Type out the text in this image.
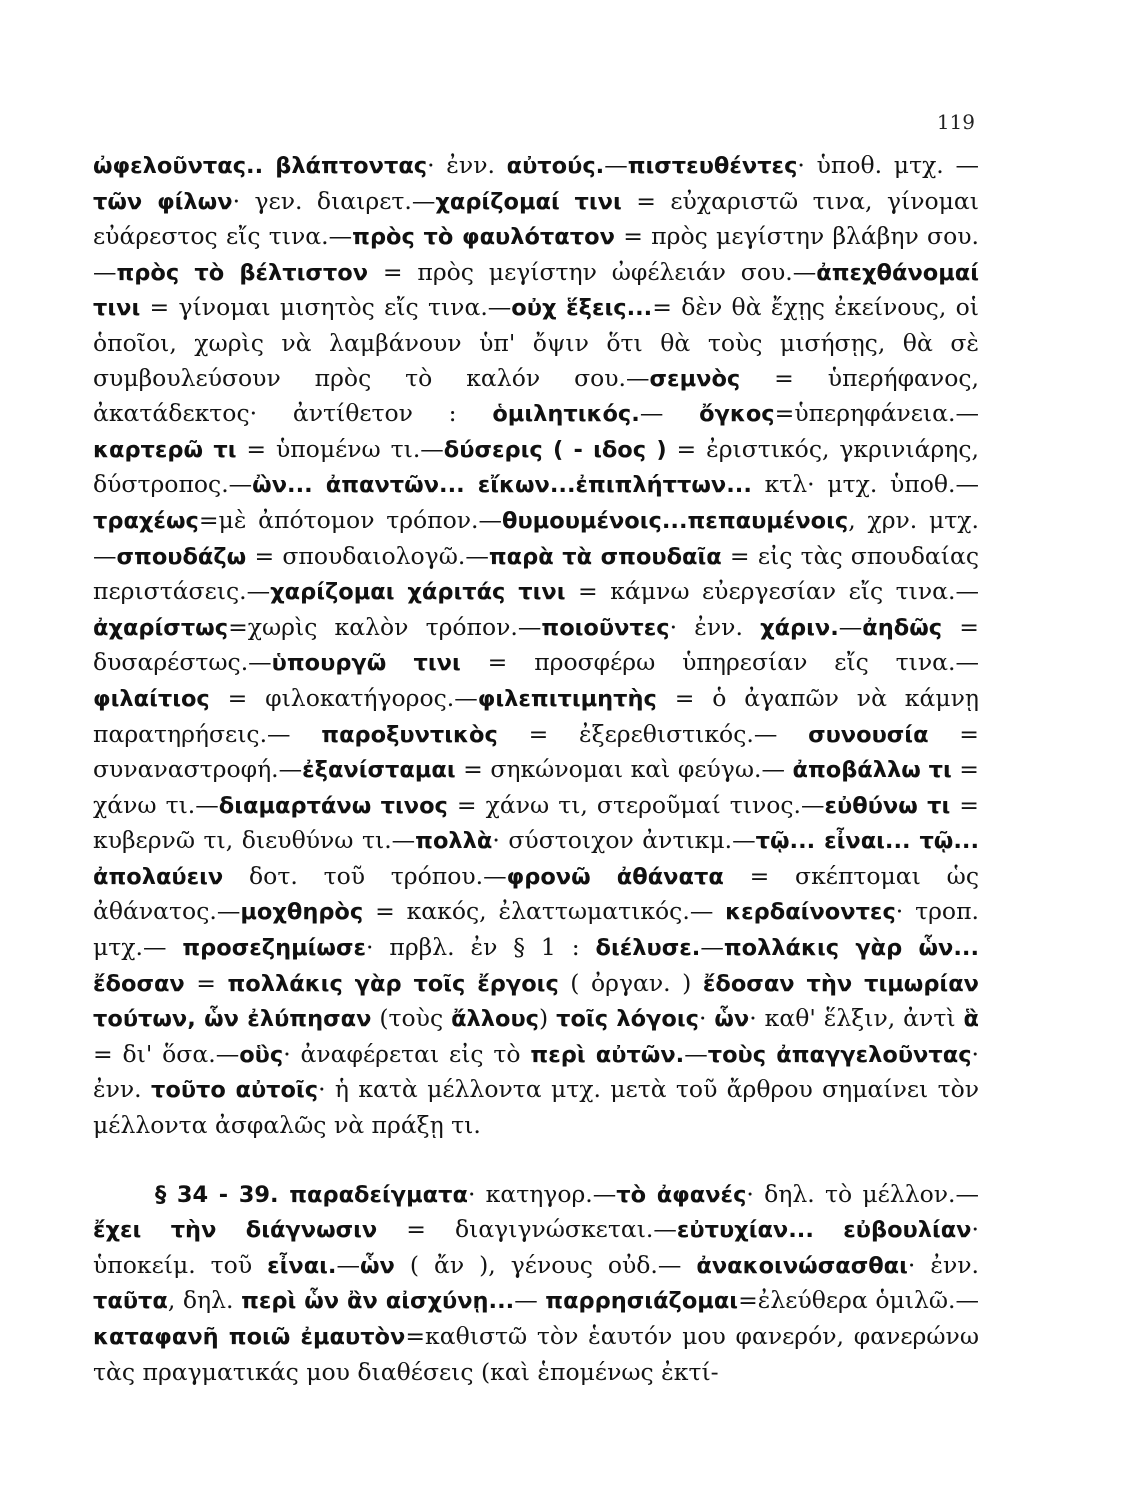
119

ὠφελοῦντας.. βλάπτοντας· ἐνν. αὐτούς.—πιστευθέντες· ὑποθ. μτχ. —τῶν φίλων· γεν. διαιρετ.—χαρίζομαί τινι = εὐχαριστῶ τινα, γίνομαι εὐάρεστος εἴς τινα.—πρὸς τὸ φαυλότατον = πρὸς μεγίστην βλάβην σου.—πρὸς τὸ βέλτιστον = πρὸς μεγίστην ὠφέλειάν σου.—ἀπεχθάνομαί τινι = γίνομαι μισητὸς εἴς τινα.—οὐχ ἕξεις...= δὲν θὰ ἔχῃς ἐκείνους, οἱ ὁποῖοι, χωρὶς νὰ λαμβάνουν ὑπ' ὄψιν ὅτι θὰ τοὺς μισήσῃς, θὰ σὲ συμβουλεύσουν πρὸς τὸ καλόν σου.—σεμνὸς = ὑπερήφανος, ἀκατάδεκτος· ἀντίθετον : ὁμιλητικός.— ὄγκος=ὑπερηφάνεια.— καρτερῶ τι = ὑπομένω τι.—δύσερις ( - ιδος ) = ἐριστικός, γκρινιάρης, δύστροπος.—ὢν... ἀπαντῶν... εἴκων...ἐπιπλήττων... κτλ· μτχ. ὑποθ.—τραχέως=μὲ ἀπότομον τρόπον.—θυμουμένοις...πεπαυμένοις, χρν. μτχ.—σπουδάζω = σπουδαιολογῶ.—παρὰ τὰ σπουδαῖα = εἰς τὰς σπουδαίας περιστάσεις.—χαρίζομαι χάριτάς τινι = κάμνω εὐεργεσίαν εἴς τινα.—ἀχαρίστως=χωρὶς καλὸν τρόπον.—ποιοῦντες· ἐνν. χάριν.—ἀηδῶς = δυσαρέστως.—ὑπουργῶ τινι = προσφέρω ὑπηρεσίαν εἴς τινα.—φιλαίτιος = φιλοκατήγορος.—φιλεπιτιμητὴς = ὁ ἀγαπῶν νὰ κάμνῃ παρατηρήσεις.— παροξυντικὸς = ἐξερεθιστικός.— συνουσία = συναναστροφή.—ἐξανίσταμαι = σηκώνομαι καὶ φεύγω.— ἀποβάλλω τι = χάνω τι.—διαμαρτάνω τινος = χάνω τι, στεροῦμαί τινος.—εὐθύνω τι = κυβερνῶ τι, διευθύνω τι.—πολλὰ· σύστοιχον ἀντικμ.—τῷ... εἶναι... τῷ... ἀπολαύειν δοτ. τοῦ τρόπου.—φρονῶ ἀθάνατα = σκέπτομαι ὡς ἀθάνατος.—μοχθηρὸς = κακός, ἐλαττωματικός.— κερδαίνοντες· τροπ. μτχ.— προσεζημίωσε· πρβλ. ἐν § 1 : διέλυσε.—πολλάκις γὰρ ὧν... ἔδοσαν = πολλάκις γὰρ τοῖς ἔργοις ( ὀργαν. ) ἔδοσαν τὴν τιμωρίαν τούτων, ὧν ἐλύπησαν (τοὺς ἄλλους) τοῖς λόγοις· ὧν· καθ' ἕλξιν, ἀντὶ ἃ = δι' ὅσα.—οὓς· ἀναφέρεται εἰς τὸ περὶ αὐτῶν.—τοὺς ἀπαγγελοῦντας· ἐνν. τοῦτο αὐτοῖς· ἡ κατὰ μέλλοντα μτχ. μετὰ τοῦ ἄρθρου σημαίνει τὸν μέλλοντα ἀσφαλῶς νὰ πράξῃ τι.

§ 34 - 39. παραδείγματα· κατηγορ.—τὸ ἀφανές· δηλ. τὸ μέλλον.—ἔχει τὴν διάγνωσιν = διαγιγνώσκεται.—εὐτυχίαν... εὐβουλίαν· ὑποκείμ. τοῦ εἶναι.—ὧν ( ἄν ), γένους οὐδ.— ἀνακοινώσασθαι· ἐνν. ταῦτα, δηλ. περὶ ὧν ἂν αἰσχύνῃ...— παρρησιάζομαι=ἐλεύθερα ὁμιλῶ.—καταφανῆ ποιῶ ἐμαυτὸν=καθιστῶ τὸν ἑαυτόν μου φανερόν, φανερώνω τὰς πραγματικάς μου διαθέσεις (καὶ ἑπομένως ἐκτί-
